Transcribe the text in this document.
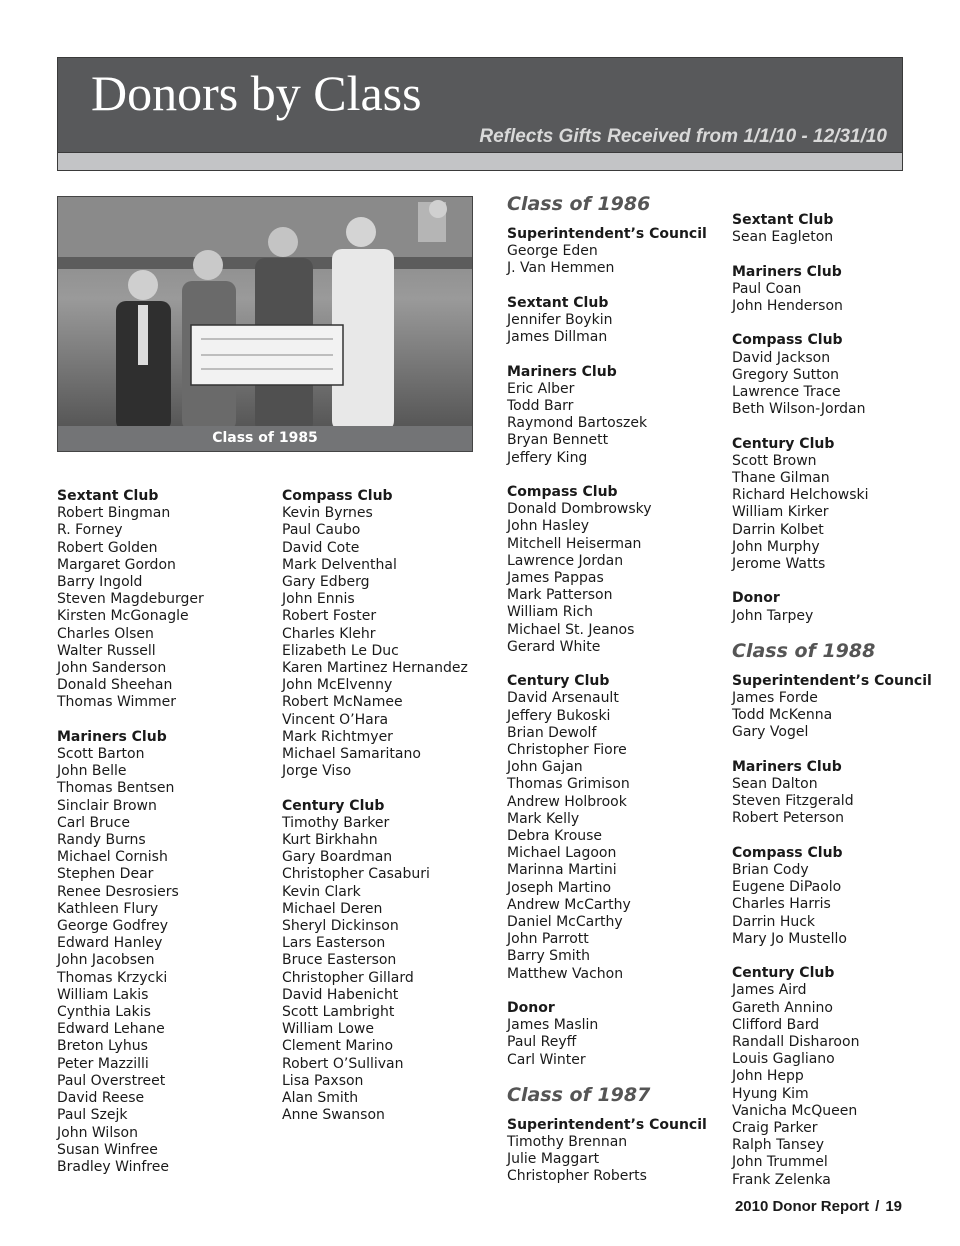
Donors by Class
Reflects Gifts Received from 1/1/10 - 12/31/10
Class of 1985
Sextant Club
Robert Bingman
R. Forney
Robert Golden
Margaret Gordon
Barry Ingold
Steven Magdeburger
Kirsten McGonagle
Charles Olsen
Walter Russell
John Sanderson
Donald Sheehan
Thomas Wimmer
Mariners Club
Scott Barton
John Belle
Thomas Bentsen
Sinclair Brown
Carl Bruce
Randy Burns
Michael Cornish
Stephen Dear
Renee Desrosiers
Kathleen Flury
George Godfrey
Edward Hanley
John Jacobsen
Thomas Krzycki
William Lakis
Cynthia Lakis
Edward Lehane
Breton Lyhus
Peter Mazzilli
Paul Overstreet
David Reese
Paul Szejk
John Wilson
Susan Winfree
Bradley Winfree
Compass Club
Kevin Byrnes
Paul Caubo
David Cote
Mark Delventhal
Gary Edberg
John Ennis
Robert Foster
Charles Klehr
Elizabeth Le Duc
Karen Martinez Hernandez
John McElvenny
Robert McNamee
Vincent O’Hara
Mark Richtmyer
Michael Samaritano
Jorge Viso
Century Club
Timothy Barker
Kurt Birkhahn
Gary Boardman
Christopher Casaburi
Kevin Clark
Michael Deren
Sheryl Dickinson
Lars Easterson
Bruce Easterson
Christopher Gillard
David Habenicht
Scott Lambright
William Lowe
Clement Marino
Robert O’Sullivan
Lisa Paxson
Alan Smith
Anne Swanson
Class of 1986
Superintendent’s Council
George Eden
J. Van Hemmen
Sextant Club
Jennifer Boykin
James Dillman
Mariners Club
Eric Alber
Todd Barr
Raymond Bartoszek
Bryan Bennett
Jeffery King
Compass Club
Donald Dombrowsky
John Hasley
Mitchell Heiserman
Lawrence Jordan
James Pappas
Mark Patterson
William Rich
Michael St. Jeanos
Gerard White
Century Club
David Arsenault
Jeffery Bukoski
Brian Dewolf
Christopher Fiore
John Gajan
Thomas Grimison
Andrew Holbrook
Mark Kelly
Debra Krouse
Michael Lagoon
Marinna Martini
Joseph Martino
Andrew McCarthy
Daniel McCarthy
John Parrott
Barry Smith
Matthew Vachon
Donor
James Maslin
Paul Reyff
Carl Winter
Class of 1987
Superintendent’s Council
Timothy Brennan
Julie Maggart
Christopher Roberts
Sextant Club
Sean Eagleton
Mariners Club
Paul Coan
John Henderson
Compass Club
David Jackson
Gregory Sutton
Lawrence Trace
Beth Wilson-Jordan
Century Club
Scott Brown
Thane Gilman
Richard Helchowski
William Kirker
Darrin Kolbet
John Murphy
Jerome Watts
Donor
John Tarpey
Class of 1988
Superintendent’s Council
James Forde
Todd McKenna
Gary Vogel
Mariners Club
Sean Dalton
Steven Fitzgerald
Robert Peterson
Compass Club
Brian Cody
Eugene DiPaolo
Charles Harris
Darrin Huck
Mary Jo Mustello
Century Club
James Aird
Gareth Annino
Clifford Bard
Randall Disharoon
Louis Gagliano
John Hepp
Hyung Kim
Vanicha McQueen
Craig Parker
Ralph Tansey
John Trummel
Frank Zelenka
2010 Donor Report / 19
